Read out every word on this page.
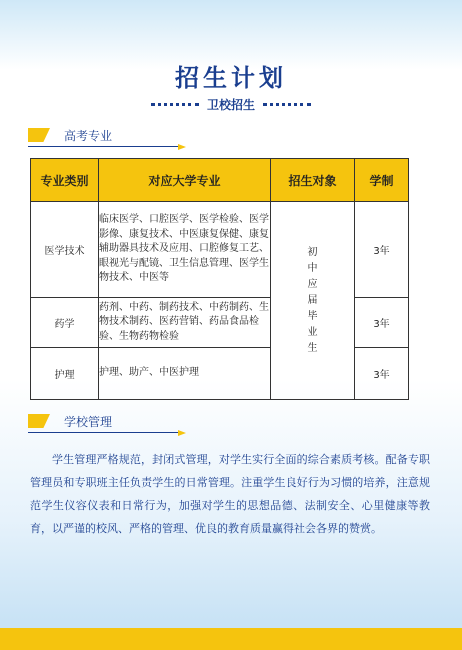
招生计划
卫校招生
高考专业
专业类别	对应大学专业	招生对象	学制
医学技术	临床医学、口腔医学、医学检验、医学影像、康复技术、中医康复保健、康复辅助器具技术及应用、口腔修复工艺、眼视光与配镜、卫生信息管理、医学生物技术、中医等	初中应届毕业生	3年
药学	药剂、中药、制药技术、中药制药、生物技术制药、医药营销、药品食品检验、生物药物检验		3年
护理	护理、助产、中医护理		3年
学校管理

学生管理严格规范，封闭式管理，对学生实行全面的综合素质考核。配备专职管理员和专职班主任负责学生的日常管理。注重学生良好行为习惯的培养，注意规范学生仪容仪表和日常行为，加强对学生的思想品德、法制安全、心里健康等教育，以严谨的校风、严格的管理、优良的教育质量赢得社会各界的赞赏。
